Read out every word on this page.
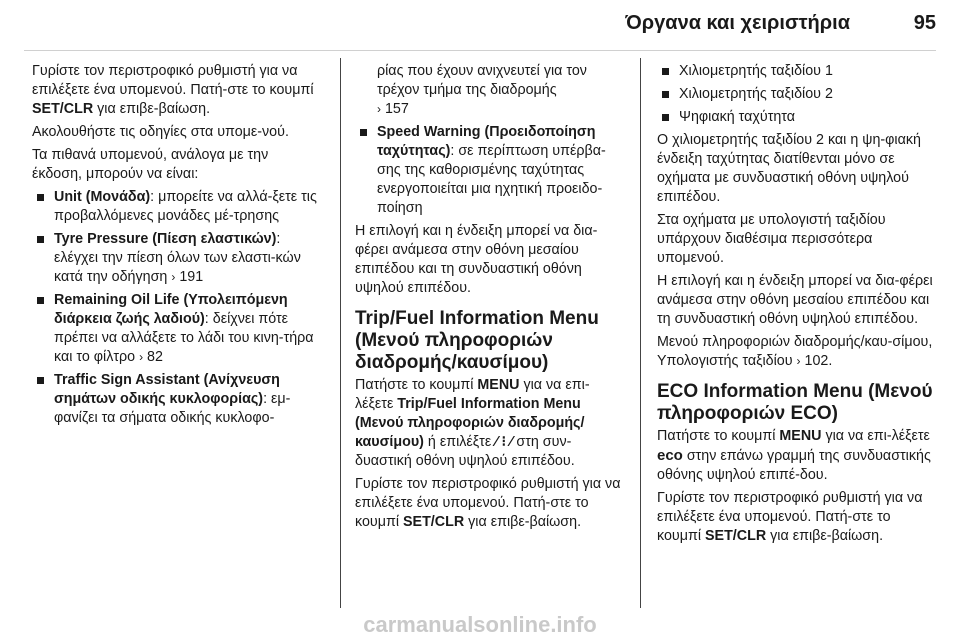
Όργανα και χειριστήρια	95

Γυρίστε τον περιστροφικό ρυθμιστή για να επιλέξετε ένα υπομενού. Πατή-στε το κουμπί SET/CLR για επιβε-βαίωση.

Ακολουθήστε τις οδηγίες στα υπομε-νού.

Τα πιθανά υπομενού, ανάλογα με την έκδοση, μπορούν να είναι:

Unit (Μονάδα): μπορείτε να αλλά-ξετε τις προβαλλόμενες μονάδες μέ-τρησης
Tyre Pressure (Πίεση ελαστικών): ελέγχει την πίεση όλων των ελαστι-κών κατά την οδήγηση › 191
Remaining Oil Life (Υπολειπόμενη διάρκεια ζωής λαδιού): δείχνει πότε πρέπει να αλλάξετε το λάδι του κινη-τήρα και το φίλτρο › 82
Traffic Sign Assistant (Ανίχνευση σημάτων οδικής κυκλοφορίας): εμ-φανίζει τα σήματα οδικής κυκλοφο-
ρίας που έχουν ανιχνευτεί για τον τρέχον τμήμα της διαδρομής
› 157
Speed Warning (Προειδοποίηση ταχύτητας): σε περίπτωση υπέρβα-σης της καθορισμένης ταχύτητας ενεργοποιείται μια ηχητική προειδο-ποίηση

Η επιλογή και η ένδειξη μπορεί να δια-φέρει ανάμεσα στην οθόνη μεσαίου επιπέδου και τη συνδυαστική οθόνη υψηλού επιπέδου.

Trip/Fuel Information Menu (Μενού πληροφοριών διαδρομής/καυσίμου)

Πατήστε το κουμπί MENU για να επι-λέξετε Trip/Fuel Information Menu (Μενού πληροφοριών διαδρομής/καυσίμου) ή επιλέξτε ⁄ ⁝ ⁄ στη συν-δυαστική οθόνη υψηλού επιπέδου.

Γυρίστε τον περιστροφικό ρυθμιστή για να επιλέξετε ένα υπομενού. Πατή-στε το κουμπί SET/CLR για επιβε-βαίωση.

Χιλιομετρητής ταξιδίου 1
Χιλιομετρητής ταξιδίου 2
Ψηφιακή ταχύτητα

Ο χιλιομετρητής ταξιδίου 2 και η ψη-φιακή ένδειξη ταχύτητας διατίθενται μόνο σε οχήματα με συνδυαστική οθόνη υψηλού επιπέδου.

Στα οχήματα με υπολογιστή ταξιδίου υπάρχουν διαθέσιμα περισσότερα υπομενού.

Η επιλογή και η ένδειξη μπορεί να δια-φέρει ανάμεσα στην οθόνη μεσαίου επιπέδου και τη συνδυαστική οθόνη υψηλού επιπέδου.

Μενού πληροφοριών διαδρομής/καυ-σίμου, Υπολογιστής ταξιδίου › 102.

ECO Information Menu (Μενού πληροφοριών ECO)

Πατήστε το κουμπί MENU για να επι-λέξετε eco στην επάνω γραμμή της συνδυαστικής οθόνης υψηλού επιπέ-δου.

Γυρίστε τον περιστροφικό ρυθμιστή για να επιλέξετε ένα υπομενού. Πατή-στε το κουμπί SET/CLR για επιβε-βαίωση.

carmanualsonline.info
